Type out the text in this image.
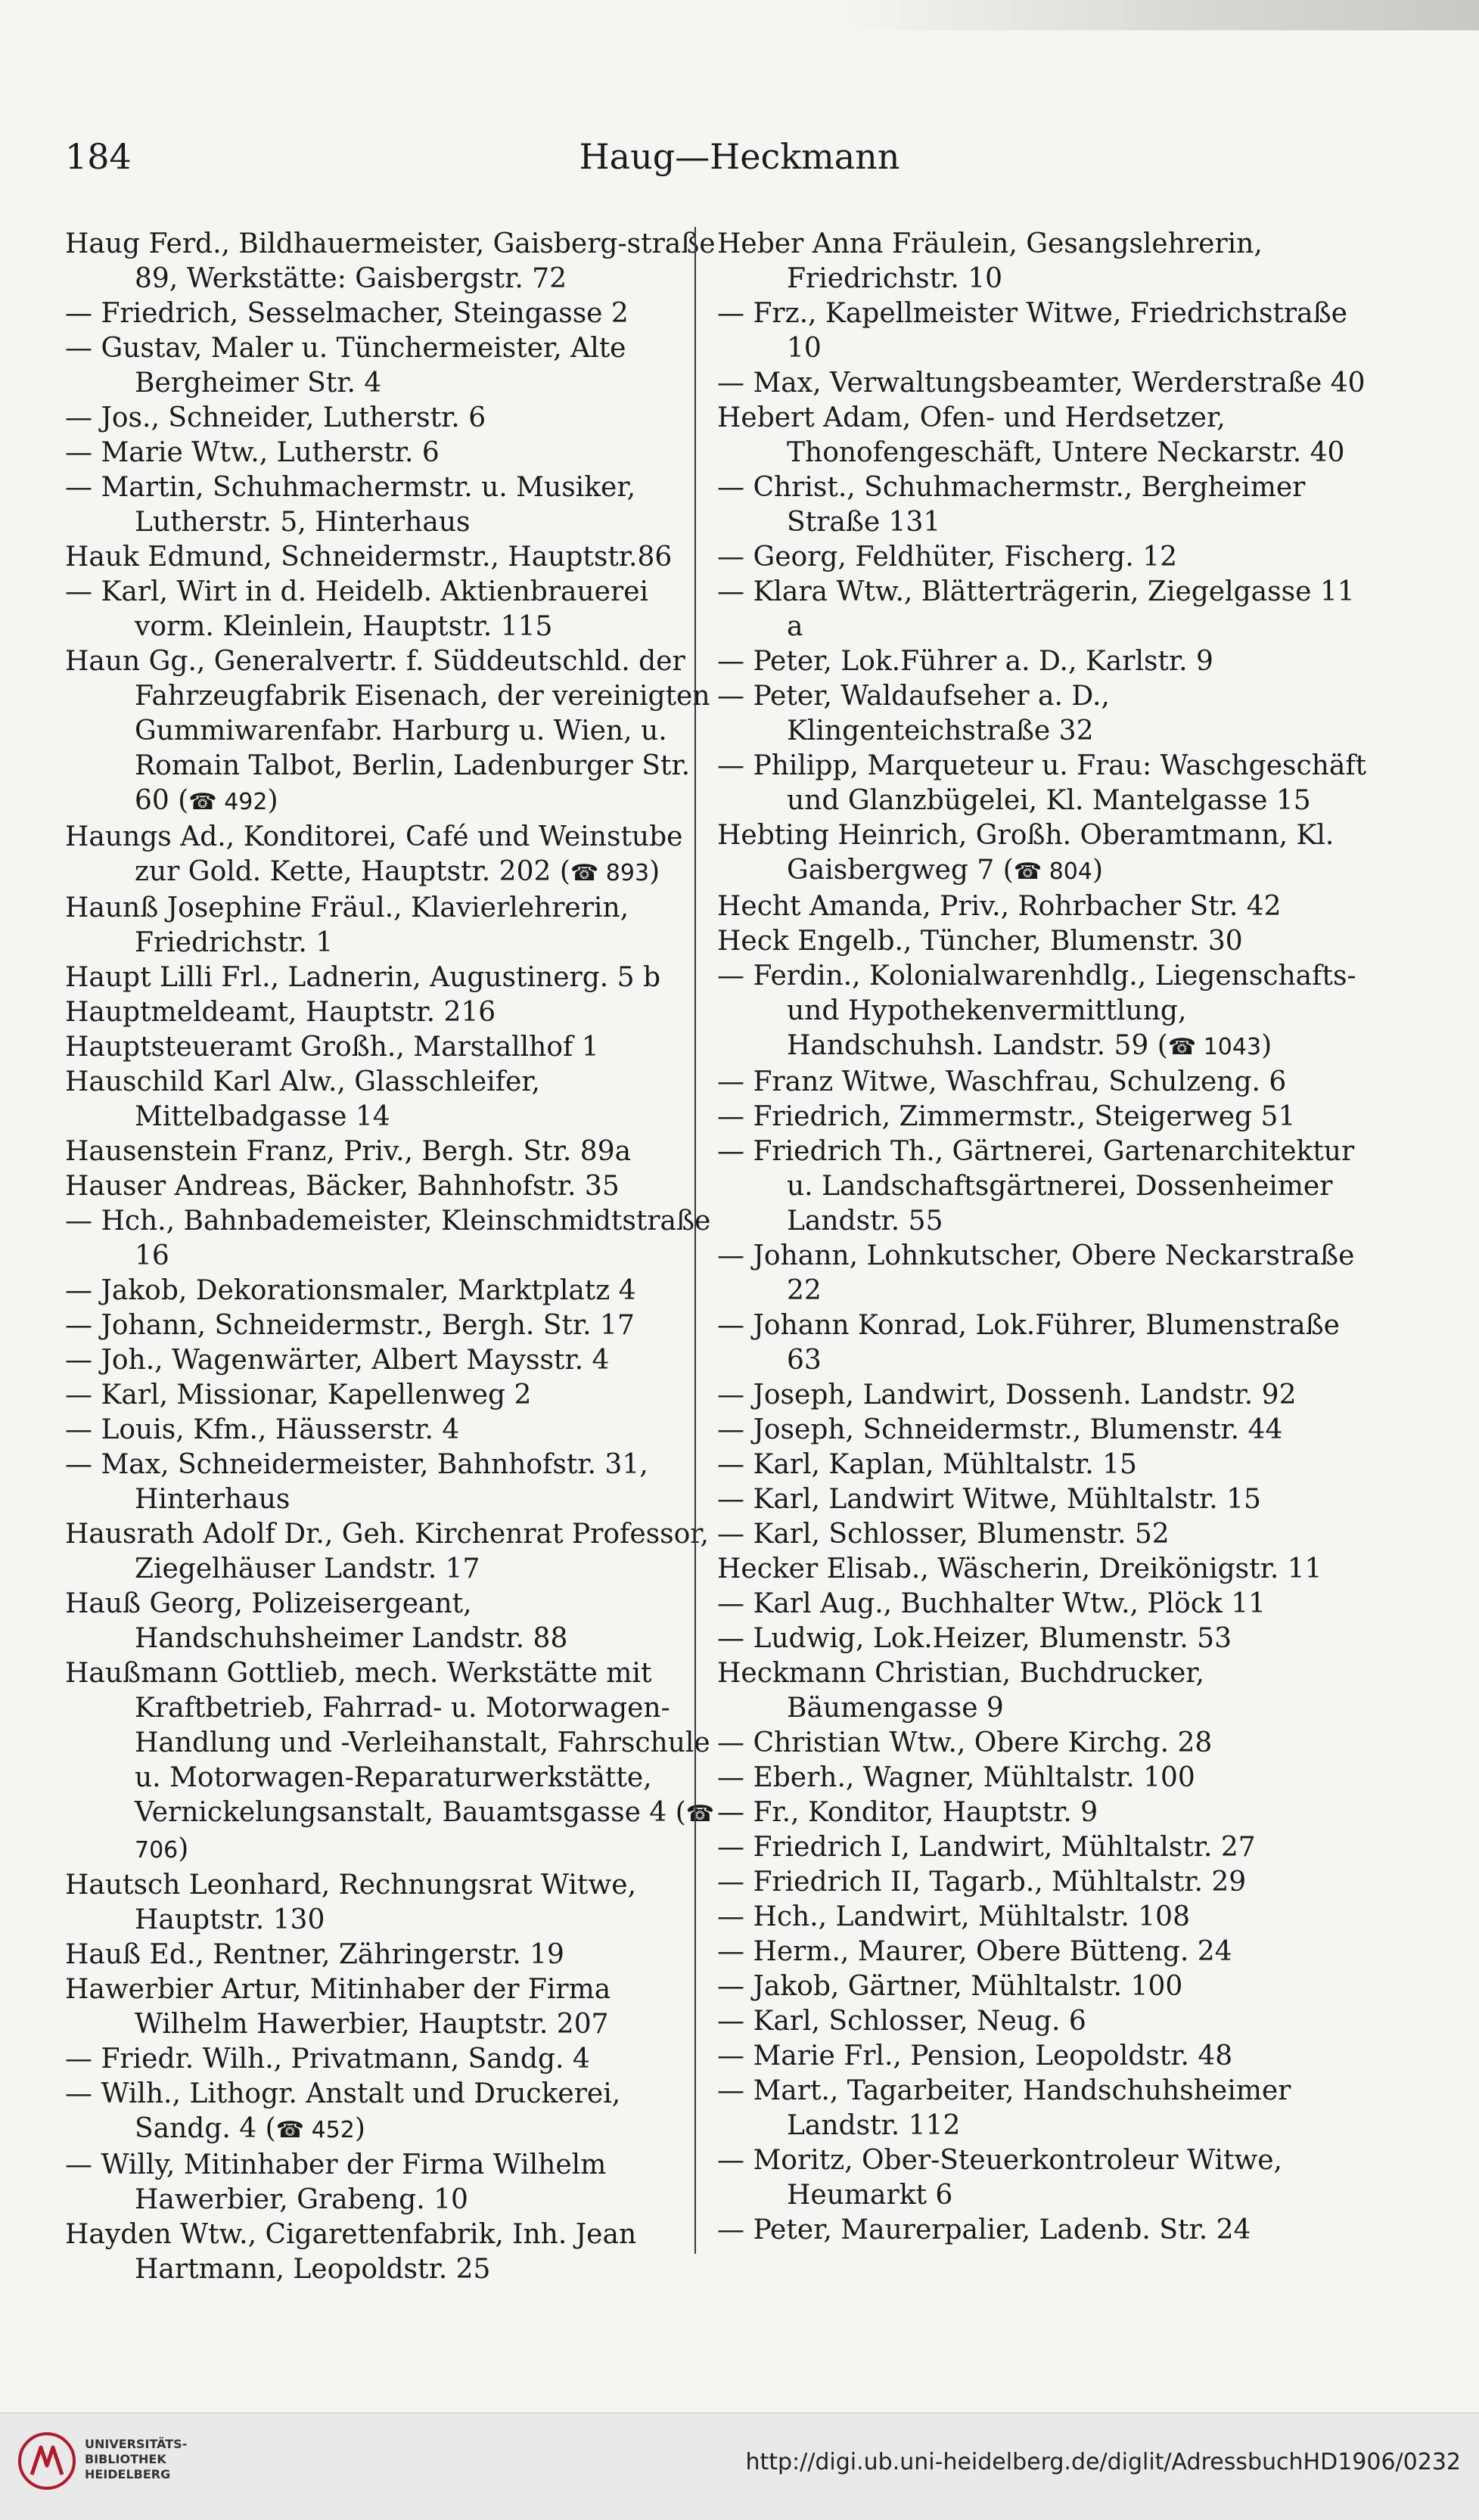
184	Haug—Heckmann
Haug Ferd., Bildhauermeister, Gaisberg-straße 89, Werkstätte: Gaisbergstr. 72
— Friedrich, Sesselmacher, Steingasse 2
— Gustav, Maler u. Tünchermeister, Alte Bergheimer Str. 4
— Jos., Schneider, Lutherstr. 6
— Marie Wtw., Lutherstr. 6
— Martin, Schuhmachermstr. u. Musiker, Lutherstr. 5, Hinterhaus
Hauk Edmund, Schneidermstr., Hauptstr.86
— Karl, Wirt in d. Heidelb. Aktienbrauerei vorm. Kleinlein, Hauptstr. 115
Haun Gg., Generalvertr. f. Süddeutschld. der Fahrzeugfabrik Eisenach, der vereinigten Gummiwarenfabr. Harburg u. Wien, u. Romain Talbot, Berlin, Ladenburger Str. 60 (☎ 492)
Haungs Ad., Konditorei, Café und Weinstube zur Gold. Kette, Hauptstr. 202 (☎ 893)
Haunß Josephine Fräul., Klavierlehrerin, Friedrichstr. 1
Haupt Lilli Frl., Ladnerin, Augustinerg. 5 b
Hauptmeldeamt, Hauptstr. 216
Hauptsteueramt Großh., Marstallhof 1
Hauschild Karl Alw., Glasschleifer, Mittelbadgasse 14
Hausenstein Franz, Priv., Bergh. Str. 89a
Hauser Andreas, Bäcker, Bahnhofstr. 35
— Hch., Bahnbademeister, Kleinschmidtstraße 16
— Jakob, Dekorationsmaler, Marktplatz 4
— Johann, Schneidermstr., Bergh. Str. 17
— Joh., Wagenwärter, Albert Maysstr. 4
— Karl, Missionar, Kapellenweg 2
— Louis, Kfm., Häusserstr. 4
— Max, Schneidermeister, Bahnhofstr. 31, Hinterhaus
Hausrath Adolf Dr., Geh. Kirchenrat Professor, Ziegelhäuser Landstr. 17
Hauß Georg, Polizeisergeant, Handschuhsheimer Landstr. 88
Haußmann Gottlieb, mech. Werkstätte mit Kraftbetrieb, Fahrrad- u. Motorwagen-Handlung und -Verleihanstalt, Fahrschule u. Motorwagen-Reparaturwerkstätte, Vernickelungsanstalt, Bauamtsgasse 4 (☎ 706)
Hautsch Leonhard, Rechnungsrat Witwe, Hauptstr. 130
Hauß Ed., Rentner, Zähringerstr. 19
Hawerbier Artur, Mitinhaber der Firma Wilhelm Hawerbier, Hauptstr. 207
— Friedr. Wilh., Privatmann, Sandg. 4
— Wilh., Lithogr. Anstalt und Druckerei, Sandg. 4 (☎ 452)
— Willy, Mitinhaber der Firma Wilhelm Hawerbier, Grabeng. 10
Hayden Wtw., Cigarettenfabrik, Inh. Jean Hartmann, Leopoldstr. 25
Heber Anna Fräulein, Gesangslehrerin, Friedrichstr. 10
— Frz., Kapellmeister Witwe, Friedrichstraße 10
— Max, Verwaltungsbeamter, Werderstraße 40
Hebert Adam, Ofen- und Herdsetzer, Thonofengeschäft, Untere Neckarstr. 40
— Christ., Schuhmachermstr., Bergheimer Straße 131
— Georg, Feldhüter, Fischerg. 12
— Klara Wtw., Blätterträgerin, Ziegelgasse 11 a
— Peter, Lok.Führer a. D., Karlstr. 9
— Peter, Waldaufseher a. D., Klingenteichstraße 32
— Philipp, Marqueteur u. Frau: Waschgeschäft und Glanzbügelei, Kl. Mantelgasse 15
Hebting Heinrich, Großh. Oberamtmann, Kl. Gaisbergweg 7 (☎ 804)
Hecht Amanda, Priv., Rohrbacher Str. 42
Heck Engelb., Tüncher, Blumenstr. 30
— Ferdin., Kolonialwarenhdlg., Liegenschafts- und Hypothekenvermittlung, Handschuhsh. Landstr. 59 (☎ 1043)
— Franz Witwe, Waschfrau, Schulzeng. 6
— Friedrich, Zimmermstr., Steigerweg 51
— Friedrich Th., Gärtnerei, Gartenarchitektur u. Landschaftsgärtnerei, Dossenheimer Landstr. 55
— Johann, Lohnkutscher, Obere Neckarstraße 22
— Johann Konrad, Lok.Führer, Blumenstraße 63
— Joseph, Landwirt, Dossenh. Landstr. 92
— Joseph, Schneidermstr., Blumenstr. 44
— Karl, Kaplan, Mühltalstr. 15
— Karl, Landwirt Witwe, Mühltalstr. 15
— Karl, Schlosser, Blumenstr. 52
Hecker Elisab., Wäscherin, Dreikönigstr. 11
— Karl Aug., Buchhalter Wtw., Plöck 11
— Ludwig, Lok.Heizer, Blumenstr. 53
Heckmann Christian, Buchdrucker, Bäumengasse 9
— Christian Wtw., Obere Kirchg. 28
— Eberh., Wagner, Mühltalstr. 100
— Fr., Konditor, Hauptstr. 9
— Friedrich I, Landwirt, Mühltalstr. 27
— Friedrich II, Tagarb., Mühltalstr. 29
— Hch., Landwirt, Mühltalstr. 108
— Herm., Maurer, Obere Bütteng. 24
— Jakob, Gärtner, Mühltalstr. 100
— Karl, Schlosser, Neug. 6
— Marie Frl., Pension, Leopoldstr. 48
— Mart., Tagarbeiter, Handschuhsheimer Landstr. 112
— Moritz, Ober-Steuerkontroleur Witwe, Heumarkt 6
— Peter, Maurerpalier, Ladenb. Str. 24
UNIVERSITÄTS-
BIBLIOTHEK
HEIDELBERG	http://digi.ub.uni-heidelberg.de/diglit/AdressbuchHD1906/0232
